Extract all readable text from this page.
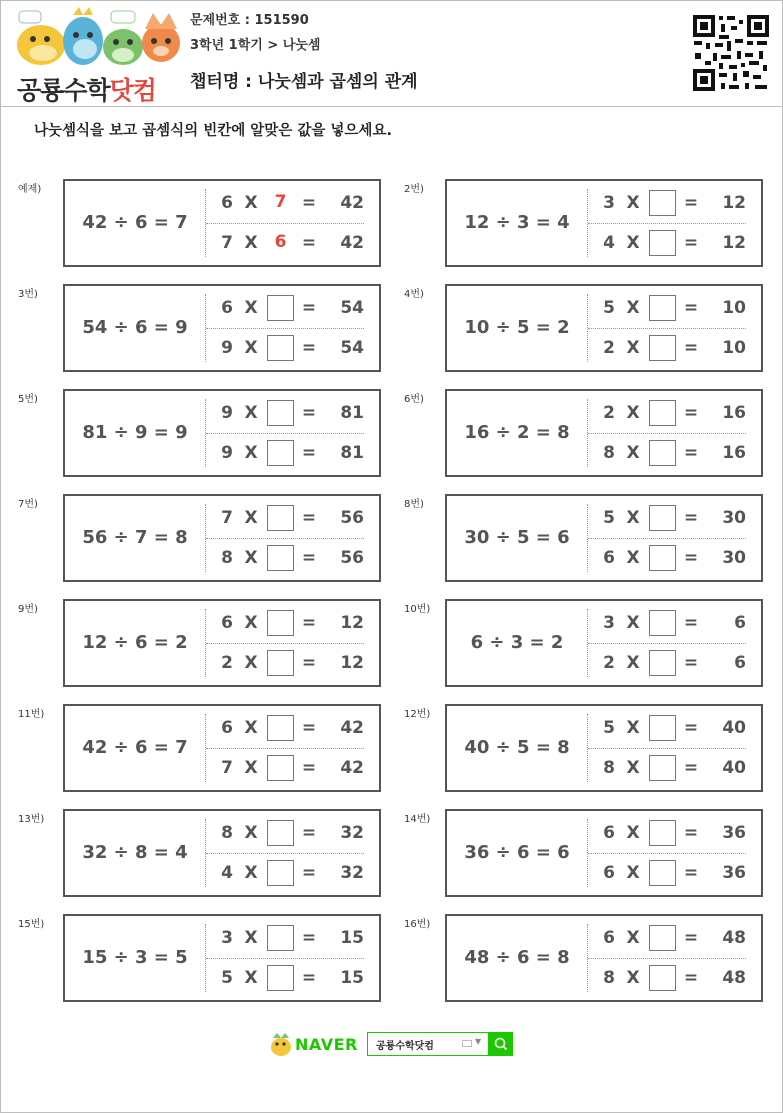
공룡수학닷컴
문제번호 : 151590
3학년 1학기 > 나눗셈
챕터명 : 나눗셈과 곱셈의 관계
나눗셈식을 보고 곱셈식의 빈칸에 알맞은 값을 넣으세요.
예제)
42 ÷ 6 = 7
6 X	7 =	42
7 X	6 =	42
2번)
12 ÷ 3 = 4
3 X	=	12
4 X	=	12
3번)
54 ÷ 6 = 9
6 X	=	54
9 X	=	54
4번)
10 ÷ 5 = 2
5 X	=	10
2 X	=	10
5번)
81 ÷ 9 = 9
9 X	=	81
9 X	=	81
6번)
16 ÷ 2 = 8
2 X	=	16
8 X	=	16
7번)
56 ÷ 7 = 8
7 X	=	56
8 X	=	56
8번)
30 ÷ 5 = 6
5 X	=	30
6 X	=	30
9번)
12 ÷ 6 = 2
6 X	=	12
2 X	=	12
10번)
6 ÷ 3 = 2
3 X	=	6
2 X	=	6
11번)
42 ÷ 6 = 7
6 X	=	42
7 X	=	42
12번)
40 ÷ 5 = 8
5 X	=	40
8 X	=	40
13번)
32 ÷ 8 = 4
8 X	=	32
4 X	=	32
14번)
36 ÷ 6 = 6
6 X	=	36
6 X	=	36
15번)
15 ÷ 3 = 5
3 X	=	15
5 X	=	15
16번)
48 ÷ 6 = 8
6 X	=	48
8 X	=	48
NAVER 공룡수학닷컴	▼
